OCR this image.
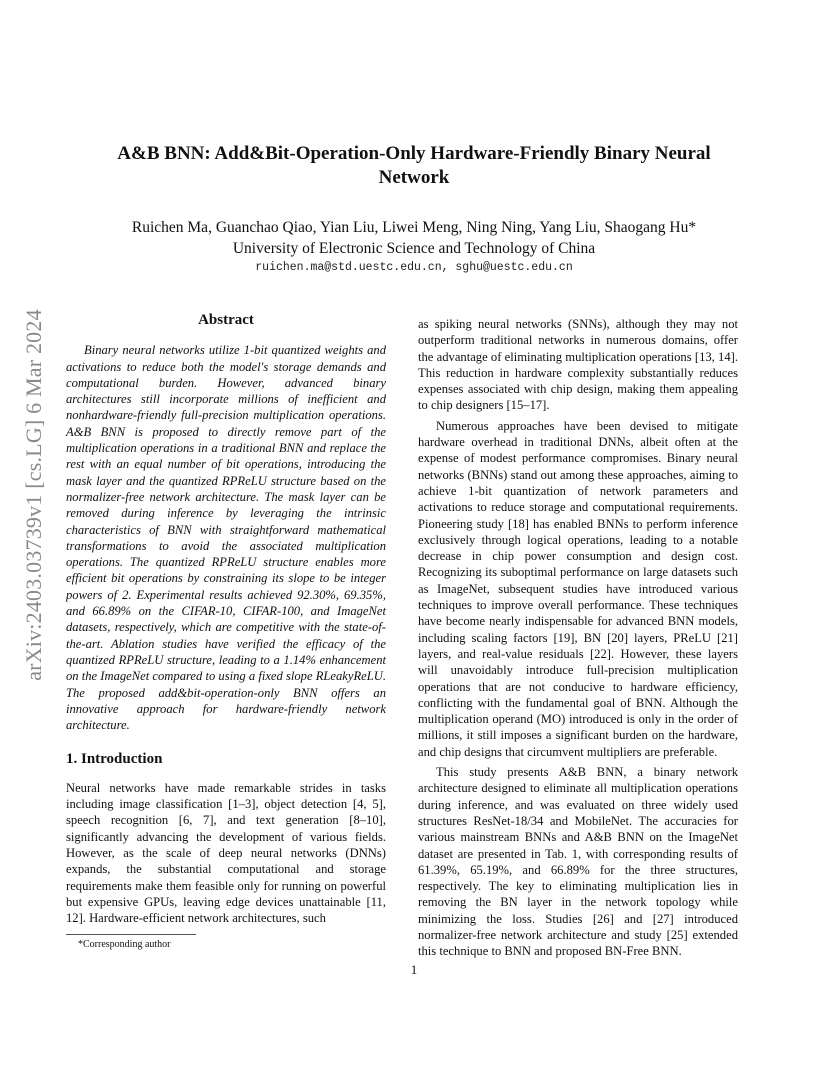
arXiv:2403.03739v1 [cs.LG] 6 Mar 2024
A&B BNN: Add&Bit-Operation-Only Hardware-Friendly Binary Neural Network
Ruichen Ma, Guanchao Qiao, Yian Liu, Liwei Meng, Ning Ning, Yang Liu, Shaogang Hu*
University of Electronic Science and Technology of China
ruichen.ma@std.uestc.edu.cn, sghu@uestc.edu.cn
Abstract

Binary neural networks utilize 1-bit quantized weights and activations to reduce both the model's storage demands and computational burden. However, advanced binary architectures still incorporate millions of inefficient and nonhardware-friendly full-precision multiplication operations. A&B BNN is proposed to directly remove part of the multiplication operations in a traditional BNN and replace the rest with an equal number of bit operations, introducing the mask layer and the quantized RPReLU structure based on the normalizer-free network architecture. The mask layer can be removed during inference by leveraging the intrinsic characteristics of BNN with straightforward mathematical transformations to avoid the associated multiplication operations. The quantized RPReLU structure enables more efficient bit operations by constraining its slope to be integer powers of 2. Experimental results achieved 92.30%, 69.35%, and 66.89% on the CIFAR-10, CIFAR-100, and ImageNet datasets, respectively, which are competitive with the state-of-the-art. Ablation studies have verified the efficacy of the quantized RPReLU structure, leading to a 1.14% enhancement on the ImageNet compared to using a fixed slope RLeakyReLU. The proposed add&bit-operation-only BNN offers an innovative approach for hardware-friendly network architecture.

1. Introduction

Neural networks have made remarkable strides in tasks including image classification [1–3], object detection [4, 5], speech recognition [6, 7], and text generation [8–10], significantly advancing the development of various fields. However, as the scale of deep neural networks (DNNs) expands, the substantial computational and storage requirements make them feasible only for running on powerful but expensive GPUs, leaving edge devices unattainable [11, 12]. Hardware-efficient network architectures, such

*Corresponding author

as spiking neural networks (SNNs), although they may not outperform traditional networks in numerous domains, offer the advantage of eliminating multiplication operations [13, 14]. This reduction in hardware complexity substantially reduces expenses associated with chip design, making them appealing to chip designers [15–17].

Numerous approaches have been devised to mitigate hardware overhead in traditional DNNs, albeit often at the expense of modest performance compromises. Binary neural networks (BNNs) stand out among these approaches, aiming to achieve 1-bit quantization of network parameters and activations to reduce storage and computational requirements. Pioneering study [18] has enabled BNNs to perform inference exclusively through logical operations, leading to a notable decrease in chip power consumption and design cost. Recognizing its suboptimal performance on large datasets such as ImageNet, subsequent studies have introduced various techniques to improve overall performance. These techniques have become nearly indispensable for advanced BNN models, including scaling factors [19], BN [20] layers, PReLU [21] layers, and real-value residuals [22]. However, these layers will unavoidably introduce full-precision multiplication operations that are not conducive to hardware efficiency, conflicting with the fundamental goal of BNN. Although the multiplication operand (MO) introduced is only in the order of millions, it still imposes a significant burden on the hardware, and chip designs that circumvent multipliers are preferable.

This study presents A&B BNN, a binary network architecture designed to eliminate all multiplication operations during inference, and was evaluated on three widely used structures ResNet-18/34 and MobileNet. The accuracies for various mainstream BNNs and A&B BNN on the ImageNet dataset are presented in Tab. 1, with corresponding results of 61.39%, 65.19%, and 66.89% for the three structures, respectively. The key to eliminating multiplication lies in removing the BN layer in the network topology while minimizing the loss. Studies [26] and [27] introduced normalizer-free network architecture and study [25] extended this technique to BNN and proposed BN-Free BNN.

1
